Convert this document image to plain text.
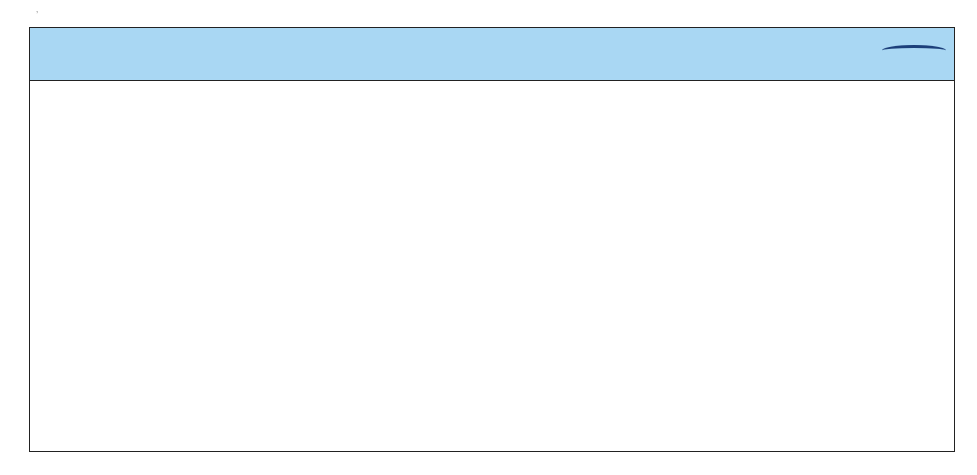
‚
